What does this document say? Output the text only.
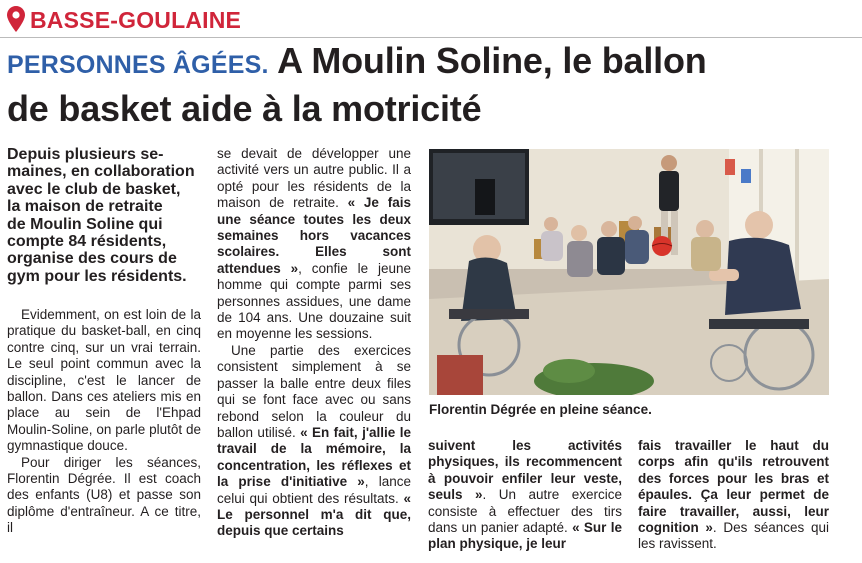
BASSE-GOULAINE
PERSONNES ÂGÉES. A Moulin Soline, le ballon
de basket aide à la motricité
Depuis plusieurs se-
maines, en collaboration
avec le club de basket,
la maison de retraite
de Moulin Soline qui
compte 84 résidents,
organise des cours de
gym pour les résidents.

Evidemment, on est loin de la pratique du basket-ball, en cinq contre cinq, sur un vrai terrain. Le seul point commun avec la discipline, c'est le lancer de ballon. Dans ces ateliers mis en place au sein de l'Ehpad Moulin-Soline, on parle plutôt de gymnastique douce.

Pour diriger les séances, Florentin Dégrée. Il est coach des enfants (U8) et passe son diplôme d'entraîneur. A ce titre, il

se devait de développer une activité vers un autre public. Il a opté pour les résidents de la maison de retraite. « Je fais une séance toutes les deux semaines hors vacances scolaires. Elles sont attendues », confie le jeune homme qui compte parmi ses personnes assidues, une dame de 104 ans. Une douzaine suit en moyenne les sessions.

Une partie des exercices consistent simplement à se passer la balle entre deux files qui se font face avec ou sans rebond selon la couleur du ballon utilisé. « En fait, j'allie le travail de la mémoire, la concentration, les réflexes et la prise d'initiative », lance celui qui obtient des résultats. « Le personnel m'a dit que, depuis que certains

Florentin Dégrée en pleine séance.

suivent les activités physiques, ils recommencent à pouvoir enfiler leur veste, seuls ». Un autre exercice consiste à effectuer des tirs dans un panier adapté. « Sur le plan physique, je leur

fais travailler le haut du corps afin qu'ils retrouvent des forces pour les bras et épaules. Ça leur permet de faire travailler, aussi, leur cognition ». Des séances qui les ravissent.
